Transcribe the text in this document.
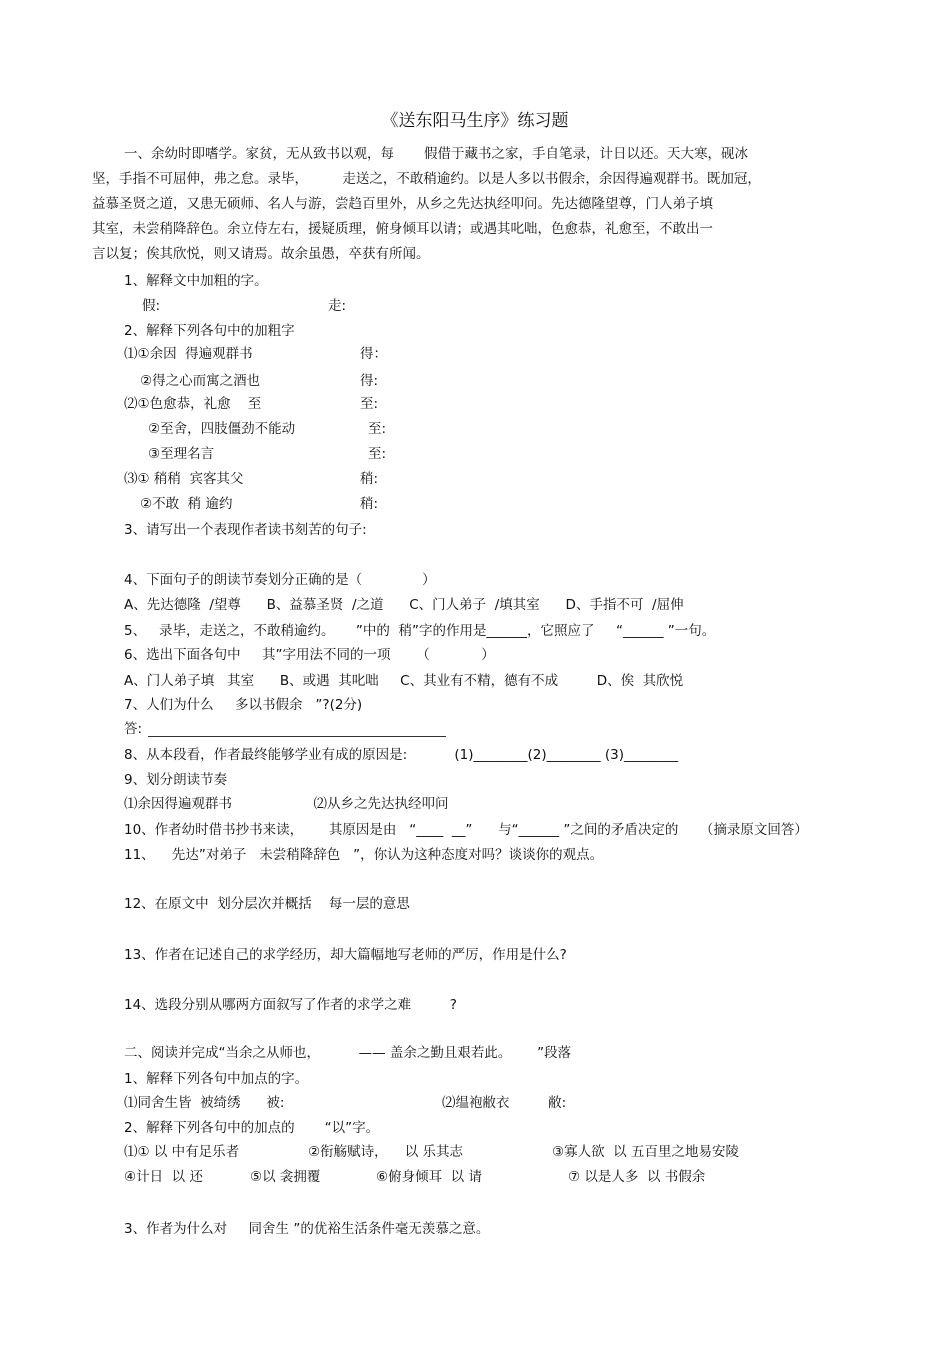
《送东阳马生序》练习题
一、余幼时即嗜学。家贫，无从致书以观，每       假借于藏书之家，手自笔录，计日以还。天大寒，砚冰
坚，手指不可屈伸，弗之怠。录毕，        走送之，不敢稍逾约。以是人多以书假余，余因得遍观群书。既加冠，
益慕圣贤之道，又患无硕师、名人与游，尝趋百里外，从乡之先达执经叩问。先达德隆望尊，门人弟子填
其室，未尝稍降辞色。余立侍左右，援疑质理，俯身倾耳以请；或遇其叱咄，色愈恭，礼愈至，不敢出一
言以复；俟其欣悦，则又请焉。故余虽愚，卒获有所闻。
1、解释文中加粗的字。
假:	走:
2、解释下列各句中的加粗字
⑴①余因  得遍观群书	得：
②得之心而寓之酒也	得:
⑵①色愈恭，礼愈    至	至:
②至舍，四肢僵劲不能动	至:
③至理名言	至:
⑶① 稍稍  宾客其父	稍:
②不敢  稍 逾约	稍:
3、请写出一个表现作者读书刻苦的句子:
4、下面句子的朗读节奏划分正确的是（              ）
A、先达德隆  /望尊      B、益慕圣贤  /之道      C、门人弟子  /填其室      D、手指不可  /屈伸
5、   录毕，走送之，不敢稍逾约。     ”中的  稍”字的作用是______，它照应了     “______ ”一句。
6、选出下面各句中     其”字用法不同的一项      （            ）
A、门人弟子填   其室      B、或遇  其叱咄     C、其业有不精，德有不成         D、俟  其欣悦
7、人们为什么     多以书假余   ”?(2分)
答:
8、从本段看，作者最终能够学业有成的原因是:           (1)________(2)________ (3)________
9、划分朗读节奏
⑴余因得遍观群书                   ⑵从乡之先达执经叩问
10、作者幼时借书抄书来读，      其原因是由   “____  __”      与“______ ”之间的矛盾决定的     （摘录原文回答）
11、    先达”对弟子   未尝稍降辞色   ”，你认为这种态度对吗？谈谈你的观点。
12、在原文中  划分层次并概括    每一层的意思
13、作者在记述自己的求学经历，却大篇幅地写老师的严厉，作用是什么?
14、选段分别从哪两方面叙写了作者的求学之难         ?
二、阅读并完成“当余之从师也，         —— 盖余之勤且艰若此。      ”段落
1、解释下列各句中加点的字。
⑴同舍生皆  被绮绣      被:	⑵缊袍敝衣         敝:
2、解释下列各句中的加点的       “以”字。
⑴① 以 中有足乐者	②衔觞赋诗，    以 乐其志	③寡人欲  以 五百里之地易安陵
④计日  以 还	⑤以 衾拥覆	⑥俯身倾耳  以 请	⑦ 以是人多  以 书假余
3、作者为什么对     同舍生 ”的优裕生活条件毫无羡慕之意。
